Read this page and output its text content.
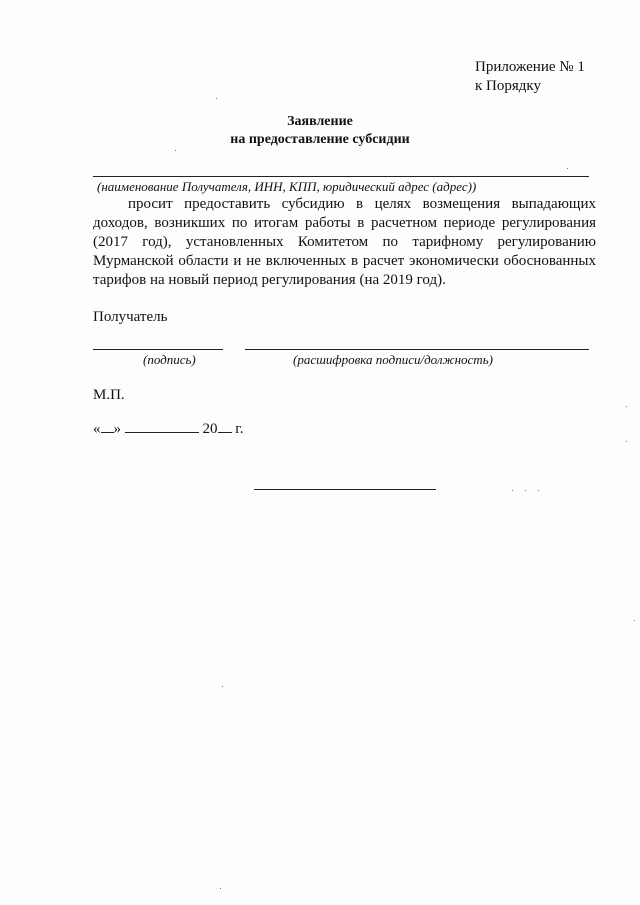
Приложение № 1
к Порядку
Заявление
на предоставление субсидии
(наименование Получателя, ИНН, КПП, юридический адрес (адрес))

просит предоставить субсидию в целях возмещения выпадающих доходов, возникших по итогам работы в расчетном периоде регулирования (2017 год), установленных Комитетом по тарифному регулированию Мурманской области и не включенных в расчет экономически обоснованных тарифов на новый период регулирования (на 2019 год).

Получатель
(подпись)	(расшифровка подписи/должность)
М.П.
« »	20 г.
